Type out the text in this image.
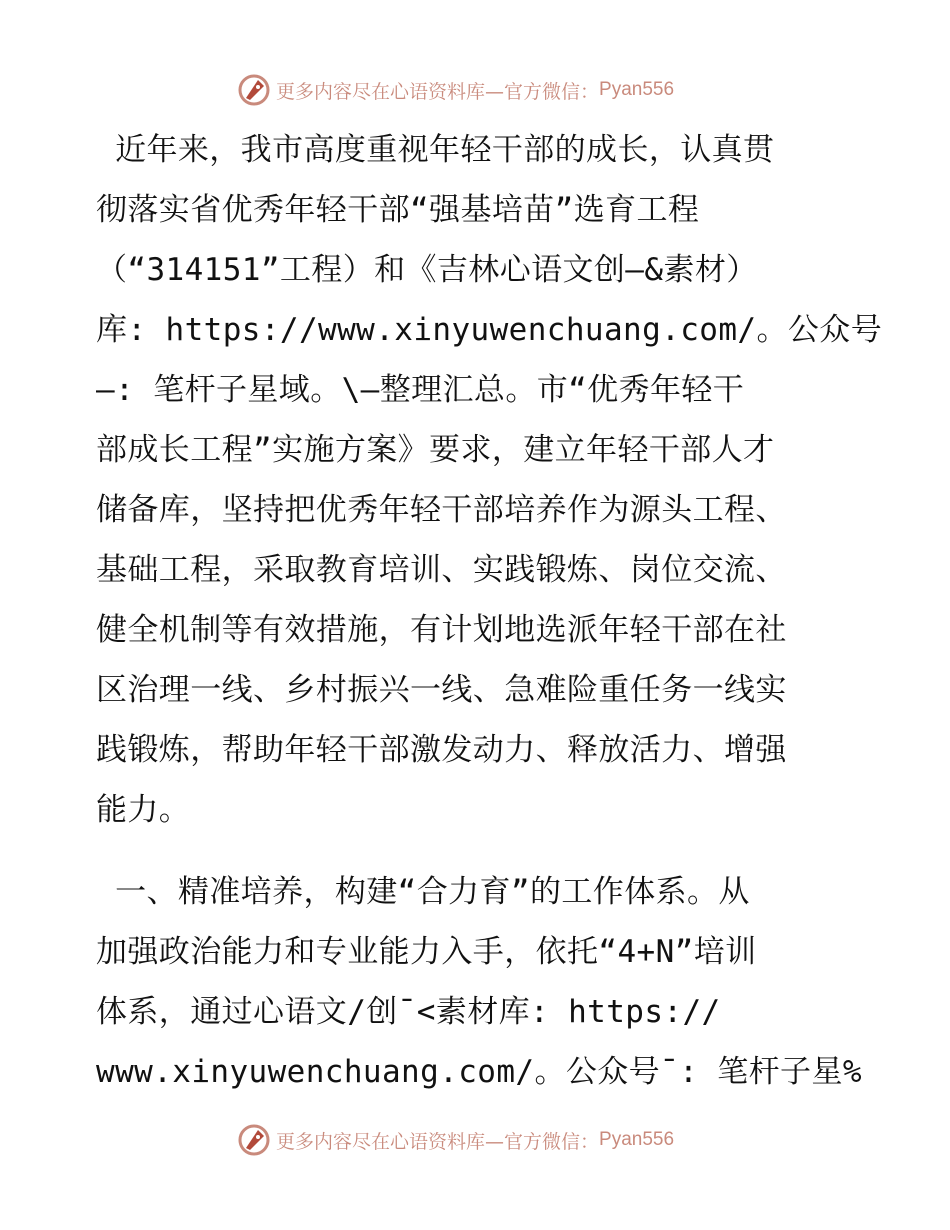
更多内容尽在心语资料库—官方微信： Pyan556
近年来，我市高度重视年轻干部的成长，认真贯
彻落实省优秀年轻干部“强基培苗”选育工程
（“314151”工程）和《吉林心语文创—&素材）
库: https://www.xinyuwenchuang.com/。公众号
—: 笔杆子星域。\—整理汇总。市“优秀年轻干
部成长工程”实施方案》要求，建立年轻干部人才
储备库，坚持把优秀年轻干部培养作为源头工程、
基础工程，采取教育培训、实践锻炼、岗位交流、
健全机制等有效措施，有计划地选派年轻干部在社
区治理一线、乡村振兴一线、急难险重任务一线实
践锻炼，帮助年轻干部激发动力、释放活力、增强
能力。
一、精准培养，构建“合力育”的工作体系。从
加强政治能力和专业能力入手，依托“4+N”培训
体系，通过心语文/创¯<素材库: https://
www.xinyuwenchuang.com/。公众号¯: 笔杆子星%
更多内容尽在心语资料库—官方微信： Pyan556
